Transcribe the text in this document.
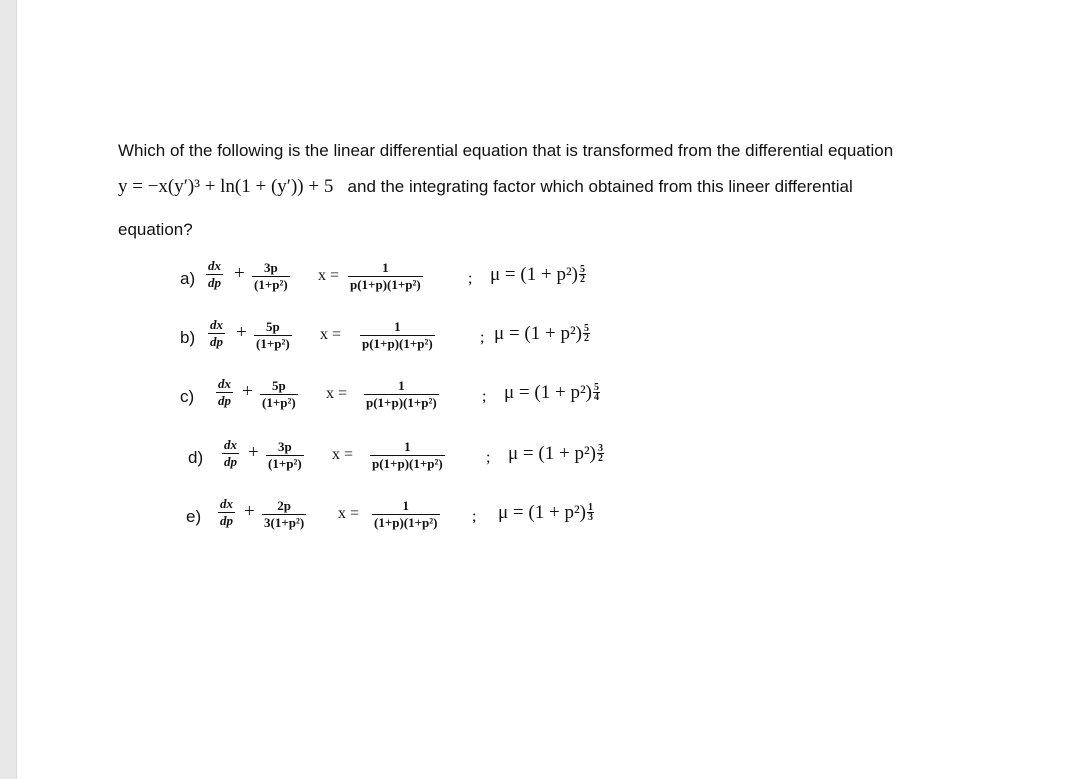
Which of the following is the linear differential equation that is transformed from the differential equation
y = −x(y′)³ + ln(1 + (y′)) + 5 and the integrating factor which obtained from this lineer differential
equation?
$a) \frac{dx}{dp} + \frac{3p}{\text{(1+p²)}}$ $x = \frac{1}{\text{p(1+p)(1+p²)}}$	; $\mu = (1 + p^2) \frac{5}{2}$
$b) \frac{dx}{dp} + \frac{5p}{\text{(1+p²)}}$ $x = \frac{1}{\text{p(1+p)(1+p²)}}$	; $\mu = (1 + p^2) \frac{5}{2}$
$c) \frac{dx}{dp} + \frac{5p}{\text{(1+p²)}}$ $x = \frac{1}{\text{p(1+p)(1+p²)}}$	; $\mu = (1 + p^2) \frac{5}{4}$
$d) \frac{dx}{dp} + \frac{3p}{\text{(1+p²)}}$ $x = \frac{1}{\text{p(1+p)(1+p²)}}$	; $\mu = (1 + p^2) \frac{3}{2}$
$e) \frac{dx}{dp} + \frac{2p}{\text{3(1+p²)}}$ $x = \frac{1}{\text{(1+p)(1+p²)}}$ ; $\mu = (1 + p^2) \frac{1}{3}$
